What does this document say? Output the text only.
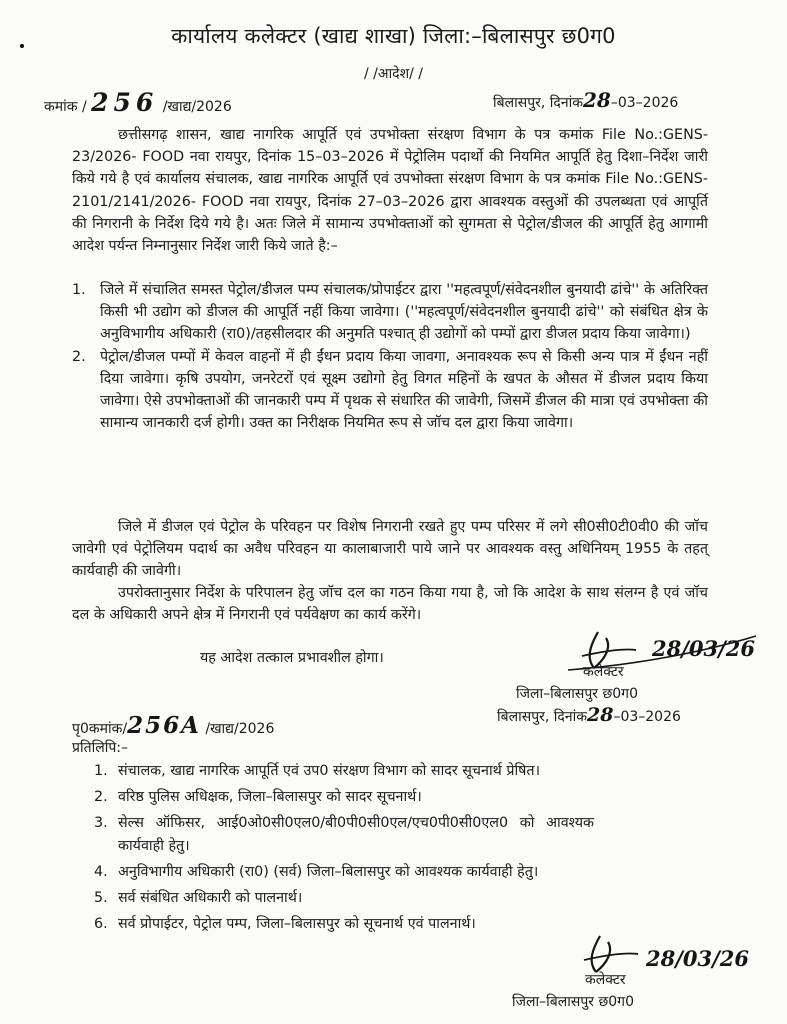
कार्यालय कलेक्टर (खाद्य शाखा) जिला:–बिलासपुर छ0ग0
/ /आदेश/ /
कमांक / 256 /खाद्य/2026	बिलासपुर, दिनांक28–03–2026

छत्तीसगढ़ शासन, खाद्य नागरिक आपूर्ति एवं उपभोक्ता संरक्षण विभाग के पत्र कमांक File No.:GENS-23/2026- FOOD नवा रायपुर, दिनांक 15–03–2026 में पेट्रोलिम पदार्थो की नियमित आपूर्ति हेतु दिशा–निर्देश जारी किये गये है एवं कार्यालय संचालक, खाद्य नागरिक आपूर्ति एवं उपभोक्ता संरक्षण विभाग के पत्र कमांक File No.:GENS-2101/2141/2026- FOOD नवा रायपुर, दिनांक 27–03–2026 द्वारा आवश्यक वस्तुओं की उपलब्धता एवं आपूर्ति की निगरानी के निर्देश दिये गये है। अतः जिले में सामान्य उपभोक्ताओं को सुगमता से पेट्रोल/डीजल की आपूर्ति हेतु आगामी आदेश पर्यन्त निम्नानुसार निर्देश जारी किये जाते है:–

1. जिले में संचालित समस्त पेट्रोल/डीजल पम्प संचालक/प्रोपाईटर द्वारा ''महत्वपूर्ण/संवेदनशील बुनयादी ढांचे'' के अतिरिक्त किसी भी उद्योग को डीजल की आपूर्ति नहीं किया जावेगा। (''महत्वपूर्ण/संवेदनशील बुनयादी ढांचे'' को संबंधित क्षेत्र के अनुविभागीय अधिकारी (रा0)/तहसीलदार की अनुमति पश्चात् ही उद्योगों को पम्पों द्वारा डीजल प्रदाय किया जावेगा।)
2. पेट्रोल/डीजल पम्पों में केवल वाहनों में ही ईंधन प्रदाय किया जावगा, अनावश्यक रूप से किसी अन्य पात्र में ईंधन नहीं दिया जावेगा। कृषि उपयोग, जनरेटरों एवं सूक्ष्म उद्योगो हेतु विगत महिनों के खपत के औसत में डीजल प्रदाय किया जावेगा। ऐसे उपभोक्ताओं की जानकारी पम्प में पृथक से संधारित की जावेगी, जिसमें डीजल की मात्रा एवं उपभोक्ता की सामान्य जानकारी दर्ज होगी। उक्त का निरीक्षक नियमित रूप से जॉच दल द्वारा किया जावेगा।

जिले में डीजल एवं पेट्रोल के परिवहन पर विशेष निगरानी रखते हुए पम्प परिसर में लगे सी0सी0टी0वी0 की जॉच जावेगी एवं पेट्रोलियम पदार्थ का अवैध परिवहन या कालाबाजारी पाये जाने पर आवश्यक वस्तु अधिनियम् 1955 के तहत् कार्यवाही की जावेगी।

उपरोक्तानुसार निर्देश के परिपालन हेतु जॉच दल का गठन किया गया है, जो कि आदेश के साथ संलग्न है एवं जॉच दल के अधिकारी अपने क्षेत्र में निगरानी एवं पर्यवेक्षण का कार्य करेंगे।

यह आदेश तत्काल प्रभावशील होगा।	28/03/26
कलेक्टर
जिला–बिलासपुर छ0ग0
पृ0कमांक/256A /खाद्य/2026
बिलासपुर, दिनांक28–03–2026
प्रतिलिपि:–
1. संचालक, खाद्य नागरिक आपूर्ति एवं उप0 संरक्षण विभाग को सादर सूचनार्थ प्रेषित।
2. वरिष्ठ पुलिस अधिक्षक, जिला–बिलासपुर को सादर सूचनार्थ।
3. सेल्स ऑफिसर, आई0ओ0सी0एल0/बी0पी0सी0एल/एच0पी0सी0एल0 को आवश्यक कार्यवाही हेतु।
4. अनुविभागीय अधिकारी (रा0) (सर्व) जिला–बिलासपुर को आवश्यक कार्यवाही हेतु।
5. सर्व संबंधित अधिकारी को पालनार्थ।
6. सर्व प्रोपाईटर, पेट्रोल पम्प, जिला–बिलासपुर को सूचनार्थ एवं पालनार्थ।
28/03/26
कलेक्टर
जिला–बिलासपुर छ0ग0
